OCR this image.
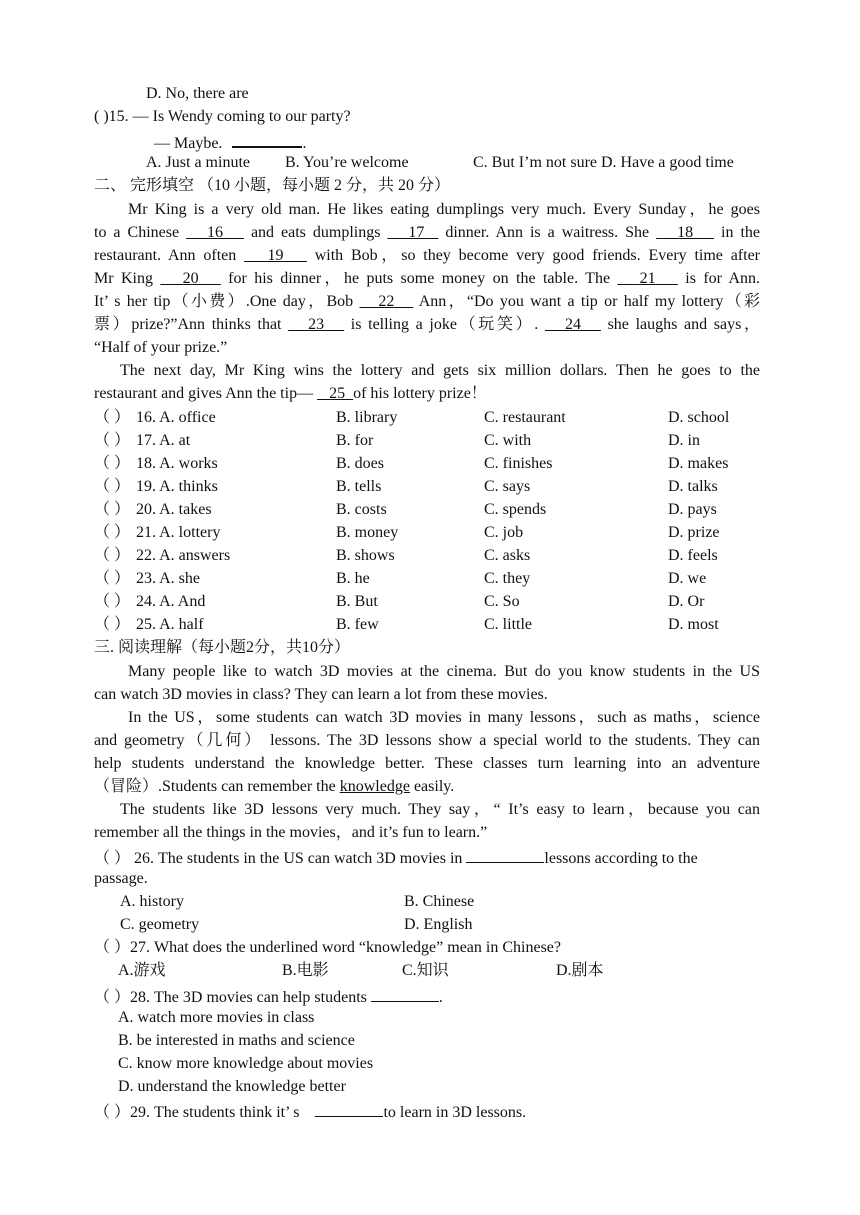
D. No, there are
( )15. — Is Wendy coming to our party?
— Maybe.	.
A. Just a minute B. You’re welcome	C. But I’m not sure D. Have a good time
二、 完形填空 （10 小题，每小题 2 分，共 20 分）
Mr King is a very old man. He likes eating dumplings very much. Every Sunday，he goes
to a Chinese    16    and eats dumplings    17   dinner. Ann is a waitress. She    18    in the
restaurant. Ann often    19    with Bob，so they become very good friends. Every time after
Mr King    20    for his dinner，he puts some money on the table. The    21    is for Ann.
It’ s her tip（小费）.One day，Bob    22    Ann，“Do you want a tip or half my lottery（彩
票）prize?”Ann thinks that    23    is telling a joke（玩笑）.    24    she laughs and says，
“Half of your prize.”
The next day, Mr King wins the lottery and gets six million dollars. Then he goes to the
restaurant and gives Ann the tip—    25 of his lottery prize！
（ ） 16. A. office	B. library	C. restaurant	D. school
（ ） 17. A. at	B. for	C. with	D. in
（ ） 18. A. works	B. does	C. finishes	D. makes
（ ） 19. A. thinks	B. tells	C. says	D. talks
（ ） 20. A. takes	B. costs	C. spends	D. pays
（ ） 21. A. lottery	B. money	C. job	D. prize
（ ） 22. A. answers	B. shows	C. asks	D. feels
（ ） 23. A. she	B. he	C. they	D. we
（ ） 24. A. And	B. But	C. So	D. Or
（ ） 25. A. half	B. few	C. little	D. most
三. 阅读理解（每小题2分，共10分）
Many people like to watch 3D movies at the cinema. But do you know students in the US
can watch 3D movies in class? They can learn a lot from these movies.
In the US，some students can watch 3D movies in many lessons，such as maths，science
and geometry（几何） lessons. The 3D lessons show a special world to the students. They can
help students understand the knowledge better. These classes turn learning into an adventure
（冒险）.Students can remember the knowledge easily.
The students like 3D lessons very much. They say，“ It’s easy to learn，because you can
remember all the things in the movies，and it’s fun to learn.”
（ ） 26. The students in the US can watch 3D movies in	lessons according to the
passage.
A. history	B. Chinese
C. geometry	D. English
（ ）27. What does the underlined word “knowledge” mean in Chinese?
A.游戏	B.电影	C.知识	D.剧本
（ ）28. The 3D movies can help students	.
A. watch more movies in class
B. be interested in maths and science
C. know more knowledge about movies
D. understand the knowledge better
（ ）29. The students think it’ s	to learn in 3D lessons.
